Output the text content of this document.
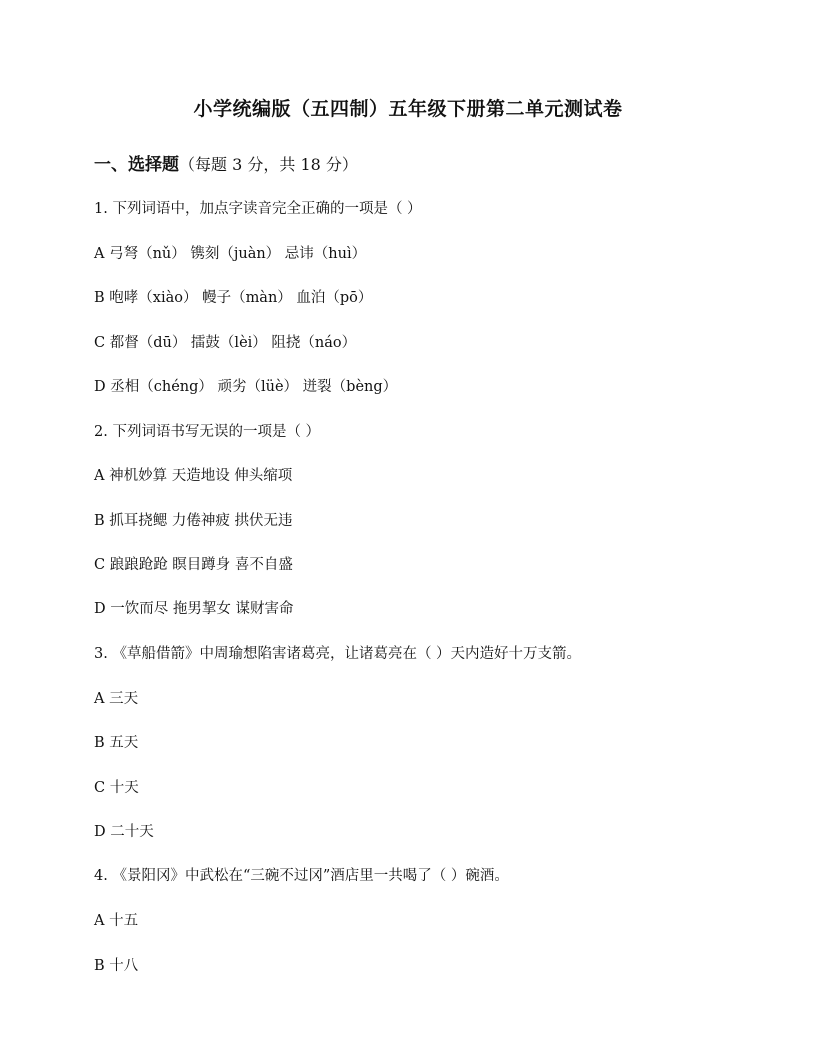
小学统编版（五四制）五年级下册第二单元测试卷
一、选择题（每题 3 分，共 18 分）
1. 下列词语中，加点字读音完全正确的一项是（ ）
A 弓弩（nǔ） 镌刻（juàn） 忌讳（huì）
B 咆哮（xiào） 幔子（màn） 血泊（pō）
C 都督（dū） 擂鼓（lèi） 阻挠（náo）
D 丞相（chéng） 顽劣（lüè） 迸裂（bèng）
2. 下列词语书写无误的一项是（ ）
A 神机妙算 天造地设 伸头缩项
B 抓耳挠鳃 力倦神疲 拱伏无违
C 踉踉跄跄 瞑目蹲身 喜不自盛
D 一饮而尽 拖男挈女 谋财害命
3. 《草船借箭》中周瑜想陷害诸葛亮，让诸葛亮在（ ）天内造好十万支箭。
A 三天
B 五天
C 十天
D 二十天
4. 《景阳冈》中武松在“三碗不过冈”酒店里一共喝了（ ）碗酒。
A 十五
B 十八
